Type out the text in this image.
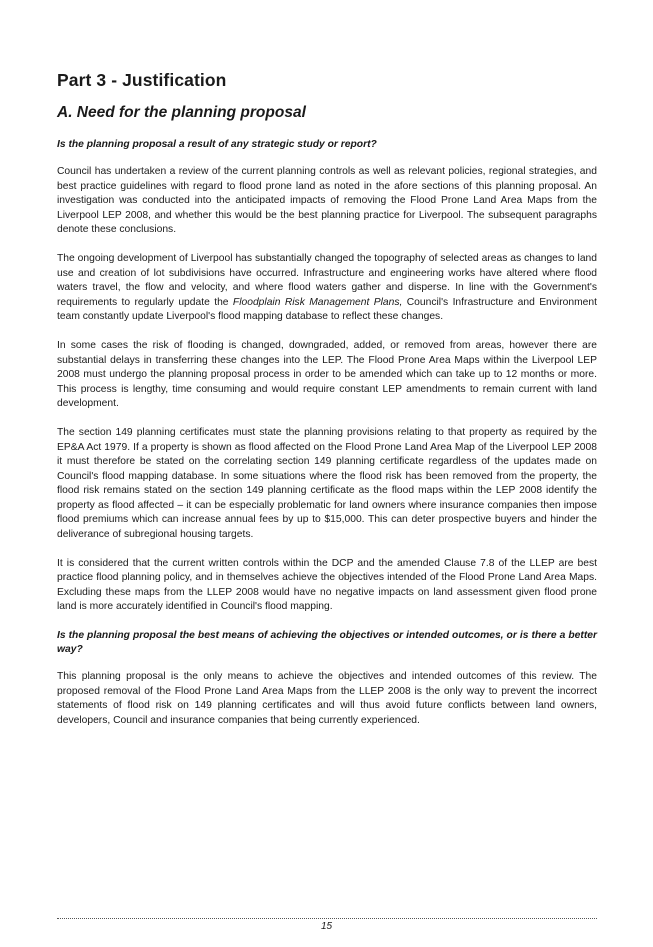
Part 3 - Justification
A. Need for the planning proposal
Is the planning proposal a result of any strategic study or report?

Council has undertaken a review of the current planning controls as well as relevant policies, regional strategies, and best practice guidelines with regard to flood prone land as noted in the afore sections of this planning proposal. An investigation was conducted into the anticipated impacts of removing the Flood Prone Land Area Maps from the Liverpool LEP 2008, and whether this would be the best planning practice for Liverpool. The subsequent paragraphs denote these conclusions.

The ongoing development of Liverpool has substantially changed the topography of selected areas as changes to land use and creation of lot subdivisions have occurred. Infrastructure and engineering works have altered where flood waters travel, the flow and velocity, and where flood waters gather and disperse. In line with the Government's requirements to regularly update the Floodplain Risk Management Plans, Council's Infrastructure and Environment team constantly update Liverpool's flood mapping database to reflect these changes.

In some cases the risk of flooding is changed, downgraded, added, or removed from areas, however there are substantial delays in transferring these changes into the LEP. The Flood Prone Area Maps within the Liverpool LEP 2008 must undergo the planning proposal process in order to be amended which can take up to 12 months or more. This process is lengthy, time consuming and would require constant LEP amendments to remain current with land development.

The section 149 planning certificates must state the planning provisions relating to that property as required by the EP&A Act 1979. If a property is shown as flood affected on the Flood Prone Land Area Map of the Liverpool LEP 2008 it must therefore be stated on the correlating section 149 planning certificate regardless of the updates made on Council's flood mapping database. In some situations where the flood risk has been removed from the property, the flood risk remains stated on the section 149 planning certificate as the flood maps within the LEP 2008 identify the property as flood affected – it can be especially problematic for land owners where insurance companies then impose flood premiums which can increase annual fees by up to $15,000. This can deter prospective buyers and hinder the deliverance of subregional housing targets.

It is considered that the current written controls within the DCP and the amended Clause 7.8 of the LLEP are best practice flood planning policy, and in themselves achieve the objectives intended of the Flood Prone Land Area Maps. Excluding these maps from the LLEP 2008 would have no negative impacts on land assessment given flood prone land is more accurately identified in Council's flood mapping.

Is the planning proposal the best means of achieving the objectives or intended outcomes, or is there a better way?

This planning proposal is the only means to achieve the objectives and intended outcomes of this review. The proposed removal of the Flood Prone Land Area Maps from the LLEP 2008 is the only way to prevent the incorrect statements of flood risk on 149 planning certificates and will thus avoid future conflicts between land owners, developers, Council and insurance companies that being currently experienced.

15
